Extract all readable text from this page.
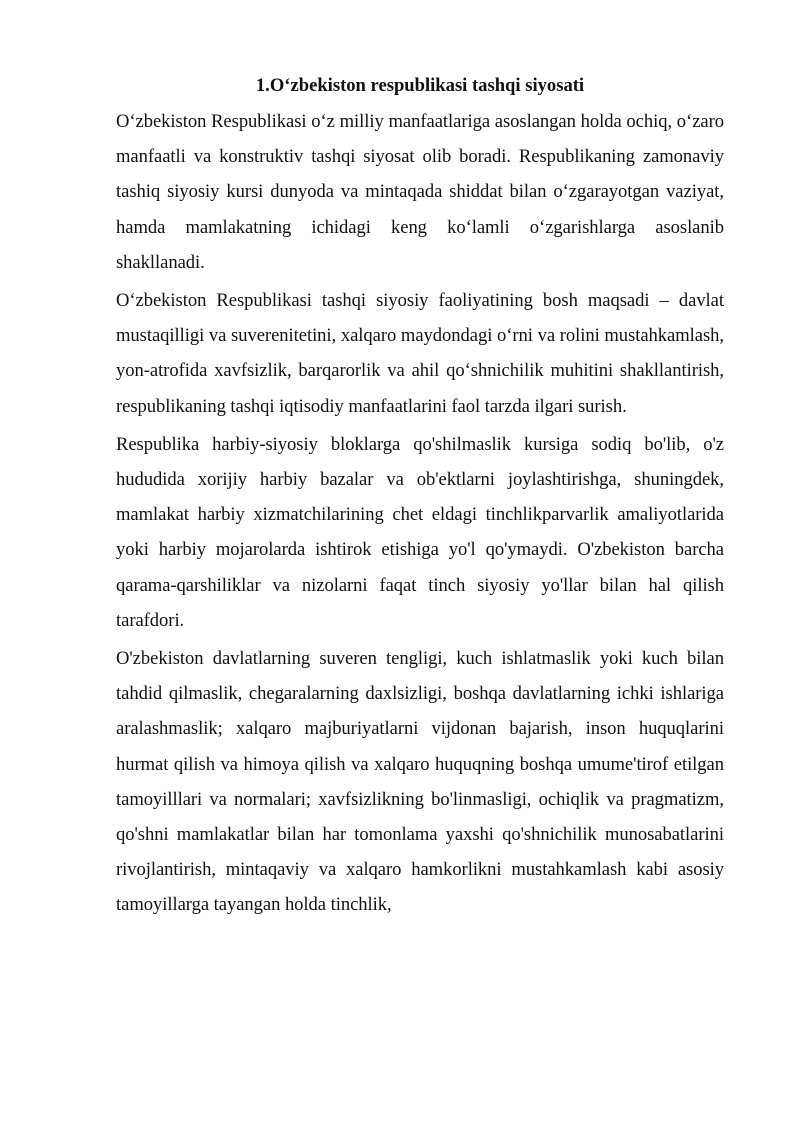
1.O‘zbekiston respublikasi tashqi siyosati

O‘zbekiston Respublikasi o‘z milliy manfaatlariga asoslangan holda ochiq, o‘zaro manfaatli va konstruktiv tashqi siyosat olib boradi. Respublikaning zamonaviy tashiq siyosiy kursi dunyoda va mintaqada shiddat bilan o‘zgarayotgan vaziyat, hamda mamlakatning ichidagi keng ko‘lamli o‘zgarishlarga asoslanib shakllanadi.

O‘zbekiston Respublikasi tashqi siyosiy faoliyatining bosh maqsadi – davlat mustaqilligi va suverenitetini, xalqaro maydondagi o‘rni va rolini mustahkamlash, yon-atrofida xavfsizlik, barqarorlik va ahil qo‘shnichilik muhitini shakllantirish, respublikaning tashqi iqtisodiy manfaatlarini faol tarzda ilgari surish.

Respublika harbiy-siyosiy bloklarga qo'shilmaslik kursiga sodiq bo'lib, o'z hududida xorijiy harbiy bazalar va ob'ektlarni joylashtirishga, shuningdek, mamlakat harbiy xizmatchilarining chet eldagi tinchlikparvarlik amaliyotlarida yoki harbiy mojarolarda ishtirok etishiga yo'l qo'ymaydi. O'zbekiston barcha qarama-qarshiliklar va nizolarni faqat tinch siyosiy yo'llar bilan hal qilish tarafdori.

O'zbekiston davlatlarning suveren tengligi, kuch ishlatmaslik yoki kuch bilan tahdid qilmaslik, chegaralarning daxlsizligi, boshqa davlatlarning ichki ishlariga aralashmaslik; xalqaro majburiyatlarni vijdonan bajarish, inson huquqlarini hurmat qilish va himoya qilish va xalqaro huquqning boshqa umume'tirof etilgan tamoyilllari va normalari; xavfsizlikning bo'linmasligi, ochiqlik va pragmatizm, qo'shni mamlakatlar bilan har tomonlama yaxshi qo'shnichilik munosabatlarini rivojlantirish, mintaqaviy va xalqaro hamkorlikni mustahkamlash kabi asosiy tamoyillarga tayangan holda tinchlik,
